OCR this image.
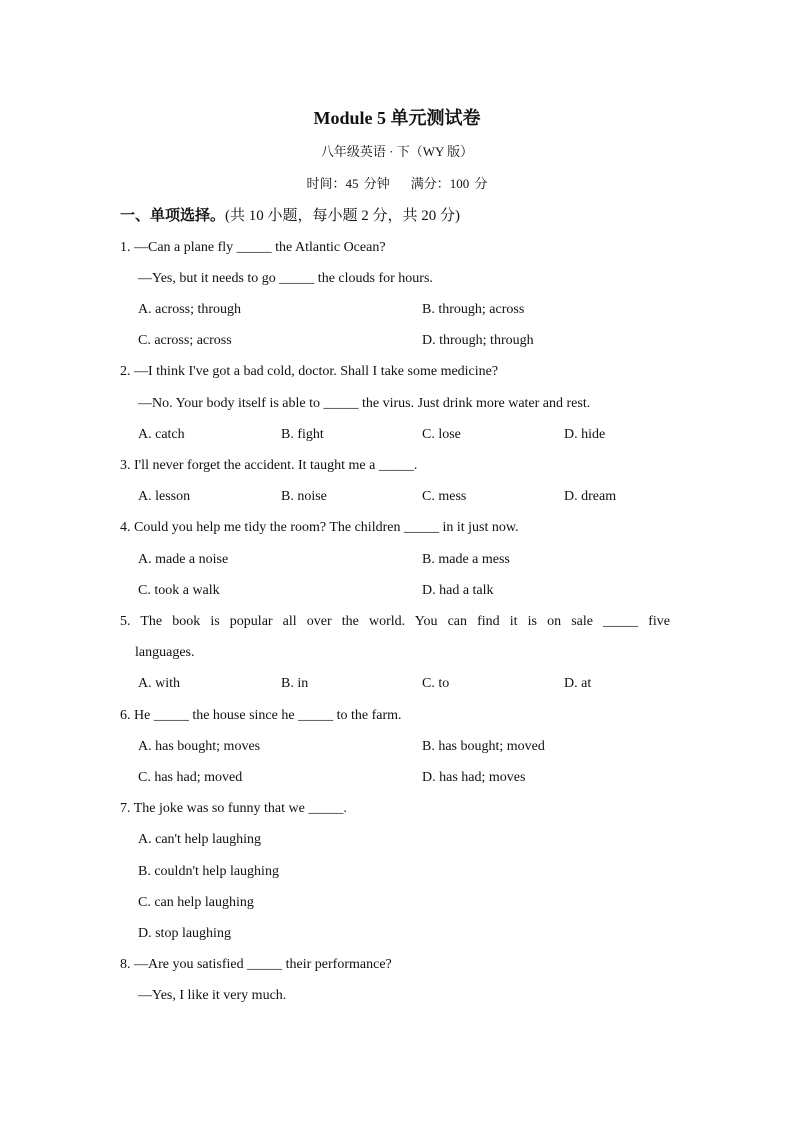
Module 5 单元测试卷
八年级英语 · 下（WY 版）
时间：45 分钟 满分：100 分
一、单项选择。(共 10 小题，每小题 2 分，共 20 分)
1. —Can a plane fly _____ the Atlantic Ocean?
—Yes, but it needs to go _____ the clouds for hours.
A. across; through	B. through; across
C. across; across	D. through; through
2. —I think I've got a bad cold, doctor. Shall I take some medicine?
—No. Your body itself is able to _____ the virus. Just drink more water and rest.
A. catch	B. fight	C. lose	D. hide
3. I'll never forget the accident. It taught me a _____.
A. lesson	B. noise	C. mess	D. dream
4. Could you help me tidy the room? The children _____ in it just now.
A. made a noise	B. made a mess
C. took a walk	D. had a talk
5. The book is popular all over the world. You can find it is on sale _____ five
languages.
A. with	B. in	C. to	D. at
6. He _____ the house since he _____ to the farm.
A. has bought; moves	B. has bought; moved
C. has had; moved	D. has had; moves
7. The joke was so funny that we _____.
A. can't help laughing
B. couldn't help laughing
C. can help laughing
D. stop laughing
8. —Are you satisfied _____ their performance?
—Yes, I like it very much.
